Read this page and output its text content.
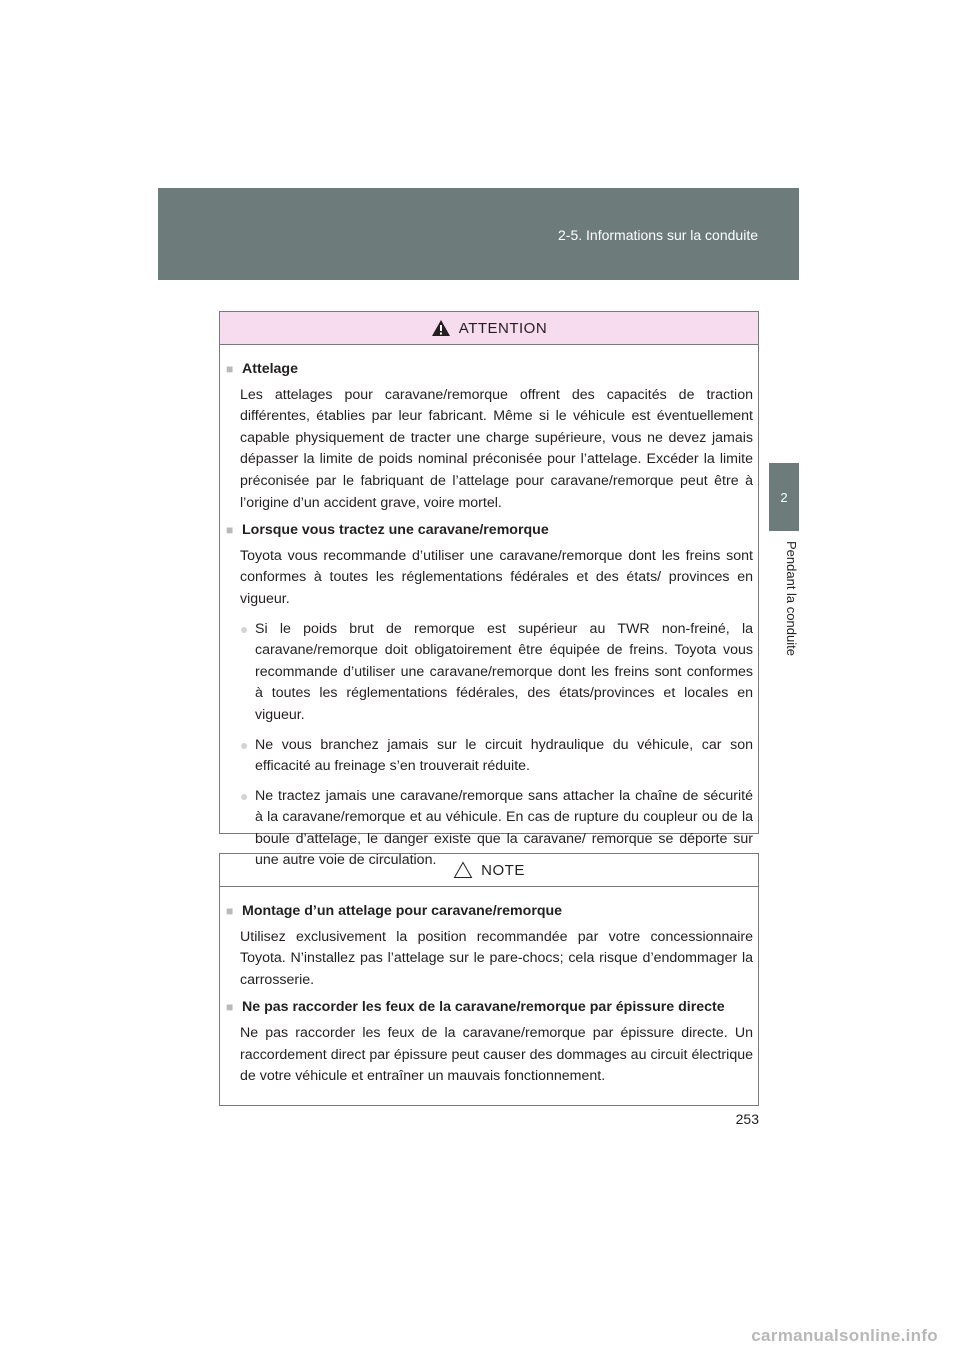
2-5. Informations sur la conduite
2
Pendant la conduite
ATTENTION
■ Attelage
Les attelages pour caravane/remorque offrent des capacités de traction différentes, établies par leur fabricant. Même si le véhicule est éventuellement capable physiquement de tracter une charge supérieure, vous ne devez jamais dépasser la limite de poids nominal préconisée pour l’attelage. Excéder la limite préconisée par le fabriquant de l’attelage pour caravane/remorque peut être à l’origine d’un accident grave, voire mortel.
■ Lorsque vous tractez une caravane/remorque
Toyota vous recommande d’utiliser une caravane/remorque dont les freins sont conformes à toutes les réglementations fédérales et des états/ provinces en vigueur.
● Si le poids brut de remorque est supérieur au TWR non-freiné, la caravane/remorque doit obligatoirement être équipée de freins. Toyota vous recommande d’utiliser une caravane/remorque dont les freins sont conformes à toutes les réglementations fédérales, des états/provinces et locales en vigueur.
● Ne vous branchez jamais sur le circuit hydraulique du véhicule, car son efficacité au freinage s’en trouverait réduite.
● Ne tractez jamais une caravane/remorque sans attacher la chaîne de sécurité à la caravane/remorque et au véhicule. En cas de rupture du coupleur ou de la boule d’attelage, le danger existe que la caravane/ remorque se déporte sur une autre voie de circulation.
NOTE
■ Montage d’un attelage pour caravane/remorque
Utilisez exclusivement la position recommandée par votre concessionnaire Toyota. N’installez pas l’attelage sur le pare-chocs; cela risque d’endommager la carrosserie.
■ Ne pas raccorder les feux de la caravane/remorque par épissure directe
Ne pas raccorder les feux de la caravane/remorque par épissure directe. Un raccordement direct par épissure peut causer des dommages au circuit électrique de votre véhicule et entraîner un mauvais fonctionnement.
253
carmanualsonline.info
